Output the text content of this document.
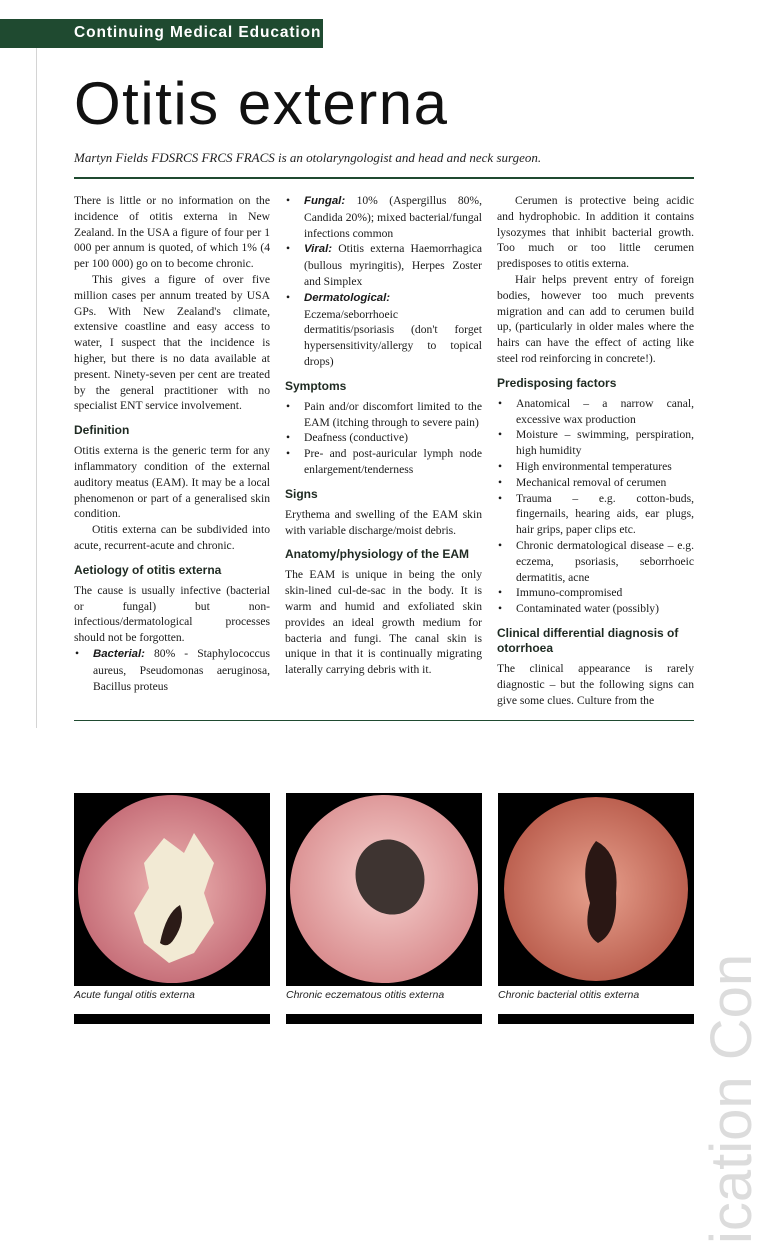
Continuing Medical Education
Otitis externa
Martyn Fields FDSRCS FRCS FRACS is an otolaryngologist and head and neck surgeon.

There is little or no information on the incidence of otitis externa in New Zealand. In the USA a figure of four per 1 000 per annum is quoted, of which 1% (4 per 100 000) go on to become chronic.

This gives a figure of over five million cases per annum treated by USA GPs. With New Zealand's climate, extensive coastline and easy access to water, I suspect that the incidence is higher, but there is no data available at present. Ninety-seven per cent are treated by the general practitioner with no specialist ENT service involvement.

Definition

Otitis externa is the generic term for any inflammatory condition of the external auditory meatus (EAM). It may be a local phenomenon or part of a generalised skin condition.

Otitis externa can be subdivided into acute, recurrent-acute and chronic.

Aetiology of otitis externa

The cause is usually infective (bacterial or fungal) but non-infectious/dermatological processes should not be forgotten.

• Bacterial: 80% - Staphylococcus aureus, Pseudomonas aeruginosa, Bacillus proteus
• Fungal: 10% (Aspergillus 80%, Candida 20%); mixed bacterial/fungal infections common
• Viral: Otitis externa Haemorrhagica (bullous myringitis), Herpes Zoster and Simplex
• Dermatological: Eczema/seborrhoeic dermatitis/psoriasis (don't forget hypersensitivity/allergy to topical drops)
Symptoms
• Pain and/or discomfort limited to the EAM (itching through to severe pain)
• Deafness (conductive)
• Pre- and post-auricular lymph node enlargement/tenderness
Signs

Erythema and swelling of the EAM skin with variable discharge/moist debris.

Anatomy/physiology of the EAM

The EAM is unique in being the only skin-lined cul-de-sac in the body. It is warm and humid and exfoliated skin provides an ideal growth medium for bacteria and fungi. The canal skin is unique in that it is continually migrating laterally carrying debris with it.

Cerumen is protective being acidic and hydrophobic. In addition it contains lysozymes that inhibit bacterial growth. Too much or too little cerumen predisposes to otitis externa.

Hair helps prevent entry of foreign bodies, however too much prevents migration and can add to cerumen build up, (particularly in older males where the hairs can have the effect of acting like steel rod reinforcing in concrete!).

Predisposing factors
• Anatomical – a narrow canal, excessive wax production
• Moisture – swimming, perspiration, high humidity
• High environmental temperatures
• Mechanical removal of cerumen
• Trauma – e.g. cotton-buds, fingernails, hearing aids, ear plugs, hair grips, paper clips etc.
• Chronic dermatological disease – e.g. eczema, psoriasis, seborrhoeic dermatitis, acne
• Immuno-compromised
• Contaminated water (possibly)
Clinical differential diagnosis of otorrhoea

The clinical appearance is rarely diagnostic – but the following signs can give some clues. Culture from the

Acute fungal otitis externa	Chronic eczematous otitis externa	Chronic bacterial otitis externa ication Con
